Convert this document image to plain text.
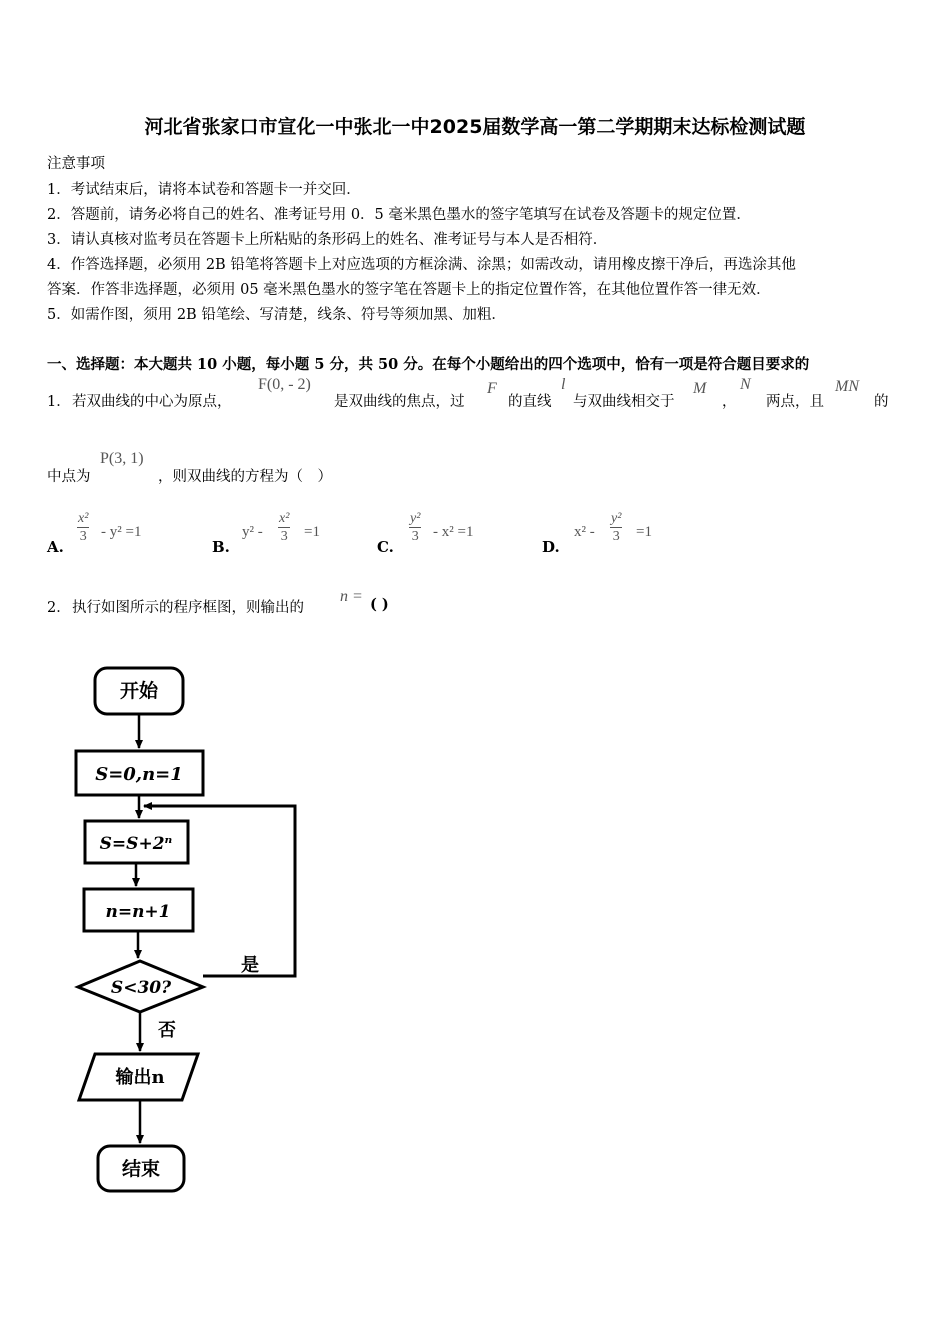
河北省张家口市宣化一中张北一中2025届数学高一第二学期期末达标检测试题
注意事项
1．考试结束后，请将本试卷和答题卡一并交回．
2．答题前，请务必将自己的姓名、准考证号用 0．5 毫米黑色墨水的签字笔填写在试卷及答题卡的规定位置．
3．请认真核对监考员在答题卡上所粘贴的条形码上的姓名、准考证号与本人是否相符．
4．作答选择题，必须用 2B 铅笔将答题卡上对应选项的方框涂满、涂黑；如需改动，请用橡皮擦干净后，再选涂其他
答案．作答非选择题，必须用 05 毫米黑色墨水的签字笔在答题卡上的指定位置作答，在其他位置作答一律无效．
5．如需作图，须用 2B 铅笔绘、写清楚，线条、符号等须加黑、加粗．
一、选择题：本大题共 10 小题，每小题 5 分，共 50 分。在每个小题给出的四个选项中，恰有一项是符合题目要求的
1． 若双曲线的中心为原点，
F(0, - 2)
是双曲线的焦点，过
F
的直线
l
与双曲线相交于
M
，
N
两点，且
MN
的
中点为
P(3, 1)
，则双曲线的方程为（　）
A.
$\frac{\text{x²}}{3} - y^2 =1$
B.
$y^2 - \frac{\text{x²}}{3} =1$
C.
$\frac{\text{y²}}{3} - x^2 =1$
D.
$x^2 - \frac{\text{y²}}{3} =1$
2． 执行如图所示的程序框图，则输出的
n = ( )
开始
S=0,n=1
S=S+2ⁿ
n=n+1
S<30?
是
否
输出n
结束
